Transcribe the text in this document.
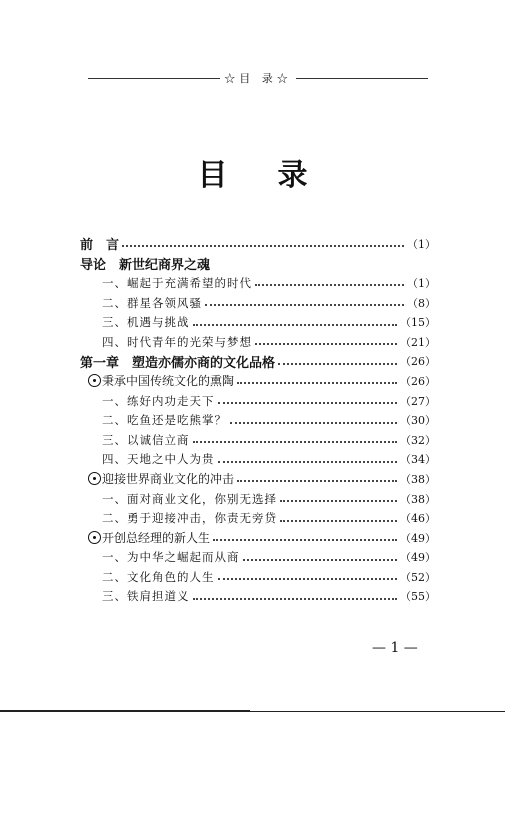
☆目 录☆
目录
前　言	（1）
导论　新世纪商界之魂
一、崛起于充满希望的时代	（1）
二、群星各领风骚	（8）
三、机遇与挑战	（15）
四、时代青年的光荣与梦想	（21）
第一章　塑造亦儒亦商的文化品格	（26）
秉承中国传统文化的熏陶	（26）
一、练好内功走天下	（27）
二、吃鱼还是吃熊掌？	（30）
三、以诚信立商	（32）
四、天地之中人为贵	（34）
迎接世界商业文化的冲击	（38）
一、面对商业文化，你别无选择	（38）
二、勇于迎接冲击，你责无旁贷	（46）
开创总经理的新人生	（49）
一、为中华之崛起而从商	（49）
二、文化角色的人生	（52）
三、铁肩担道义	（55）
— 1 —
